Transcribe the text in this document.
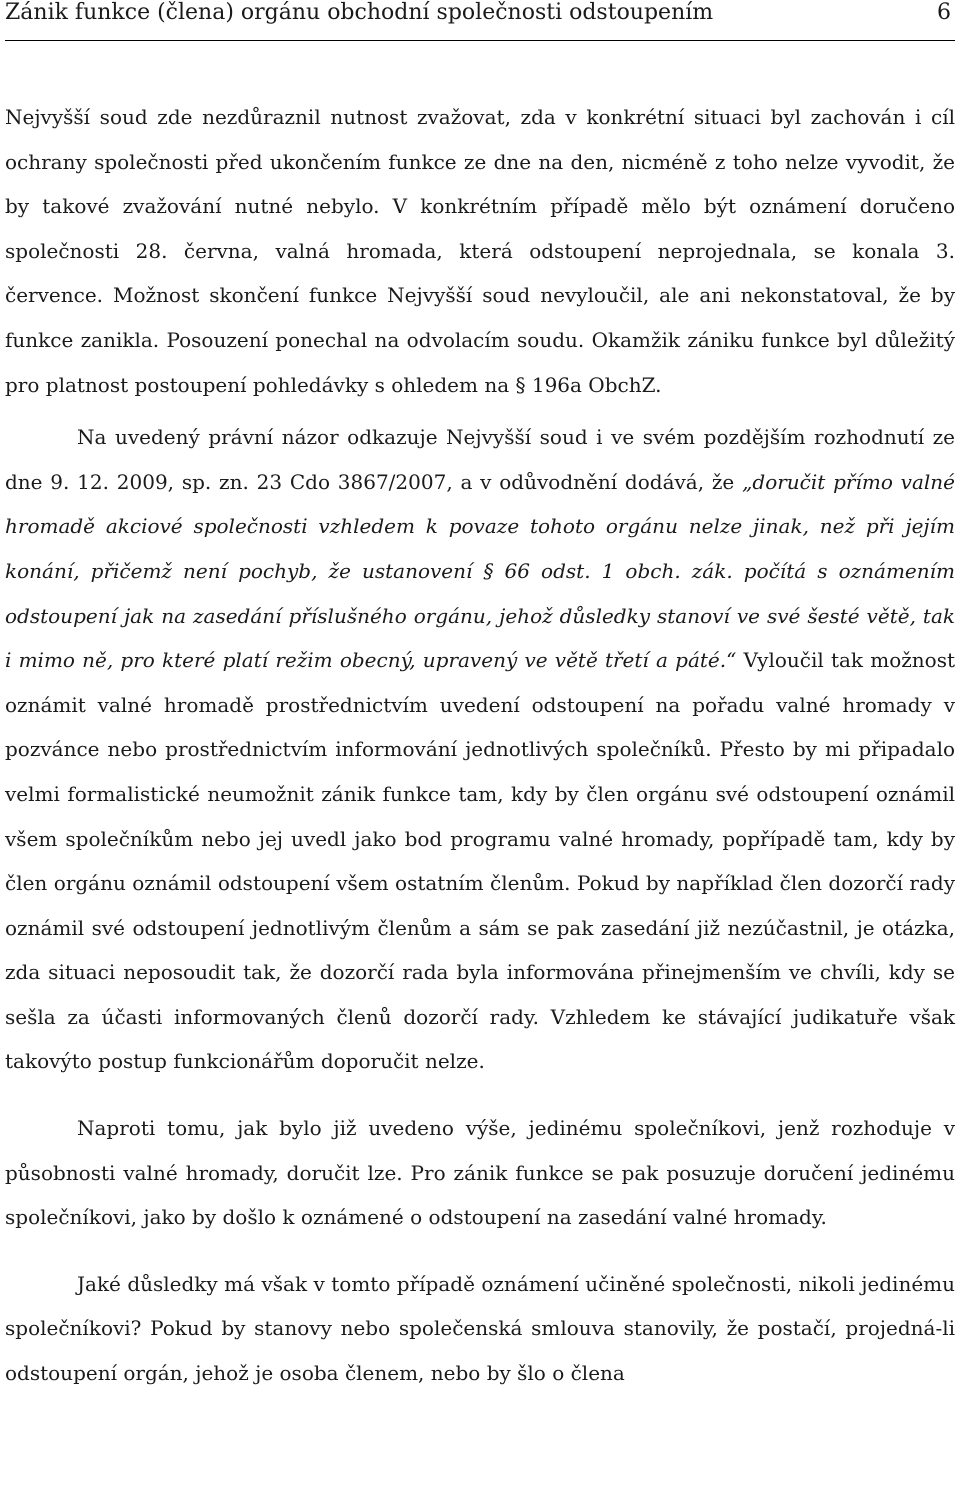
Zánik funkce (člena) orgánu obchodní společnosti odstoupením	6

Nejvyšší soud zde nezdůraznil nutnost zvažovat, zda v konkrétní situaci byl zachován i cíl ochrany společnosti před ukončením funkce ze dne na den, nicméně z toho nelze vyvodit, že by takové zvažování nutné nebylo. V konkrétním případě mělo být oznámení doručeno společnosti 28. června, valná hromada, která odstoupení neprojednala, se konala 3. července. Možnost skončení funkce Nejvyšší soud nevyloučil, ale ani nekonstatoval, že by funkce zanikla. Posouzení ponechal na odvolacím soudu. Okamžik zániku funkce byl důležitý pro platnost postoupení pohledávky s ohledem na § 196a ObchZ.

Na uvedený právní názor odkazuje Nejvyšší soud i ve svém pozdějším rozhodnutí ze dne 9. 12. 2009, sp. zn. 23 Cdo 3867/2007, a v odůvodnění dodává, že „doručit přímo valné hromadě akciové společnosti vzhledem k povaze tohoto orgánu nelze jinak, než při jejím konání, přičemž není pochyb, že ustanovení § 66 odst. 1 obch. zák. počítá s oznámením odstoupení jak na zasedání příslušného orgánu, jehož důsledky stanoví ve své šesté větě, tak i mimo ně, pro které platí režim obecný, upravený ve větě třetí a páté.“ Vyloučil tak možnost oznámit valné hromadě prostřednictvím uvedení odstoupení na pořadu valné hromady v pozvánce nebo prostřednictvím informování jednotlivých společníků. Přesto by mi připadalo velmi formalistické neumožnit zánik funkce tam, kdy by člen orgánu své odstoupení oznámil všem společníkům nebo jej uvedl jako bod programu valné hromady, popřípadě tam, kdy by člen orgánu oznámil odstoupení všem ostatním členům. Pokud by například člen dozorčí rady oznámil své odstoupení jednotlivým členům a sám se pak zasedání již nezúčastnil, je otázka, zda situaci neposoudit tak, že dozorčí rada byla informována přinejmenším ve chvíli, kdy se sešla za účasti informovaných členů dozorčí rady. Vzhledem ke stávající judikatuře však takovýto postup funkcionářům doporučit nelze.

Naproti tomu, jak bylo již uvedeno výše, jedinému společníkovi, jenž rozhoduje v působnosti valné hromady, doručit lze. Pro zánik funkce se pak posuzuje doručení jedinému společníkovi, jako by došlo k oznámené o odstoupení na zasedání valné hromady.

Jaké důsledky má však v tomto případě oznámení učiněné společnosti, nikoli jedinému společníkovi? Pokud by stanovy nebo společenská smlouva stanovily, že postačí, projedná-li odstoupení orgán, jehož je osoba členem, nebo by šlo o člena
